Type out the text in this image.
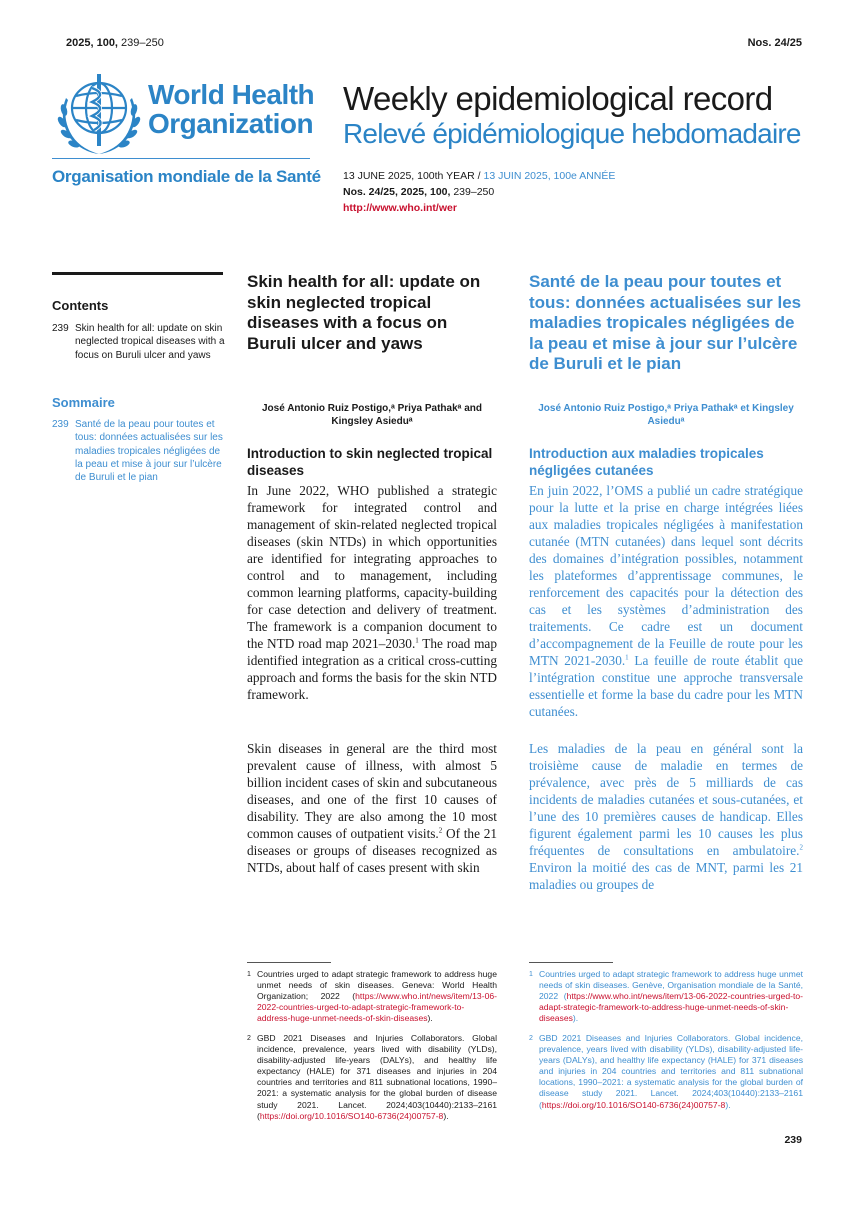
2025, 100, 239–250	Nos. 24/25
World Health
Organization
Organisation mondiale de la Santé
Weekly epidemiological record
Relevé épidémiologique hebdomadaire
13 JUNE 2025, 100th YEAR / 13 JUIN 2025, 100e ANNÉE
Nos. 24/25, 2025, 100, 239–250
http://www.who.int/wer
Contents
239 Skin health for all: update on skin neglected tropical diseases with a focus on Buruli ulcer and yaws
Sommaire
239 Santé de la peau pour toutes et tous: données actualisées sur les maladies tropicales négligées de la peau et mise à jour sur l’ulcère de Buruli et le pian
Skin health for all: update on skin neglected tropical diseases with a focus on Buruli ulcer and yaws
José Antonio Ruiz Postigo,ᵃ Priya Pathakᵃ and Kingsley Asieduᵃ
Introduction to skin neglected tropical diseases

In June 2022, WHO published a strategic framework for integrated control and management of skin-related neglected tropical diseases (skin NTDs) in which opportunities are identified for integrating approaches to control and to management, including common learning platforms, capacity-building for case detection and delivery of treatment. The framework is a companion document to the NTD road map 2021–2030.$^1$ The road map identified integration as a critical cross-cutting approach and forms the basis for the skin NTD framework.

Skin diseases in general are the third most prevalent cause of illness, with almost 5 billion incident cases of skin and subcutaneous diseases, and one of the first 10 causes of disability. They are also among the 10 most common causes of outpatient visits.$^2$ Of the 21 diseases or groups of diseases recognized as NTDs, about half of cases present with skin

Santé de la peau pour toutes et tous: données actualisées sur les maladies tropicales négligées de la peau et mise à jour sur l’ulcère de Buruli et le pian
José Antonio Ruiz Postigo,ᵃ Priya Pathakᵃ et Kingsley Asieduᵃ
Introduction aux maladies tropicales négligées cutanées

En juin 2022, l’OMS a publié un cadre stratégique pour la lutte et la prise en charge intégrées liées aux maladies tropicales négligées à manifestation cutanée (MTN cutanées) dans lequel sont décrits des domaines d’intégration possibles, notamment les plateformes d’apprentissage communes, le renforcement des capacités pour la détection des cas et les systèmes d’administration des traitements. Ce cadre est un document d’accompagnement de la Feuille de route pour les MTN 2021-2030.$^1$ La feuille de route établit que l’intégration constitue une approche transversale essentielle et forme la base du cadre pour les MTN cutanées.

Les maladies de la peau en général sont la troisième cause de maladie en termes de prévalence, avec près de 5 milliards de cas incidents de maladies cutanées et sous-cutanées, et l’une des 10 premières causes de handicap. Elles figurent également parmi les 10 causes les plus fréquentes de consultations en ambulatoire.$^2$ Environ la moitié des cas de MNT, parmi les 21 maladies ou groupes de

1 Countries urged to adapt strategic framework to address huge unmet needs of skin diseases. Geneva: World Health Organization; 2022 (https://www.who.int/news/item/13-06-2022-countries-urged-to-adapt-strategic-framework-to-address-huge-unmet-needs-of-skin-diseases).
2 GBD 2021 Diseases and Injuries Collaborators. Global incidence, prevalence, years lived with disability (YLDs), disability-adjusted life-years (DALYs), and healthy life expectancy (HALE) for 371 diseases and injuries in 204 countries and territories and 811 subnational locations, 1990–2021: a systematic analysis for the global burden of disease study 2021. Lancet. 2024;403(10440):2133–2161 (https://doi.org/10.1016/SO140-6736(24)00757-8).
1 Countries urged to adapt strategic framework to address huge unmet needs of skin diseases. Genève, Organisation mondiale de la Santé, 2022 (https://www.who.int/news/item/13-06-2022-countries-urged-to-adapt-strategic-framework-to-address-huge-unmet-needs-of-skin-diseases).
2 GBD 2021 Diseases and Injuries Collaborators. Global incidence, prevalence, years lived with disability (YLDs), disability-adjusted life-years (DALYs), and healthy life expectancy (HALE) for 371 diseases and injuries in 204 countries and territories and 811 subnational locations, 1990–2021: a systematic analysis for the global burden of disease study 2021. Lancet. 2024;403(10440):2133–2161 (https://doi.org/10.1016/SO140-6736(24)00757-8).
239
